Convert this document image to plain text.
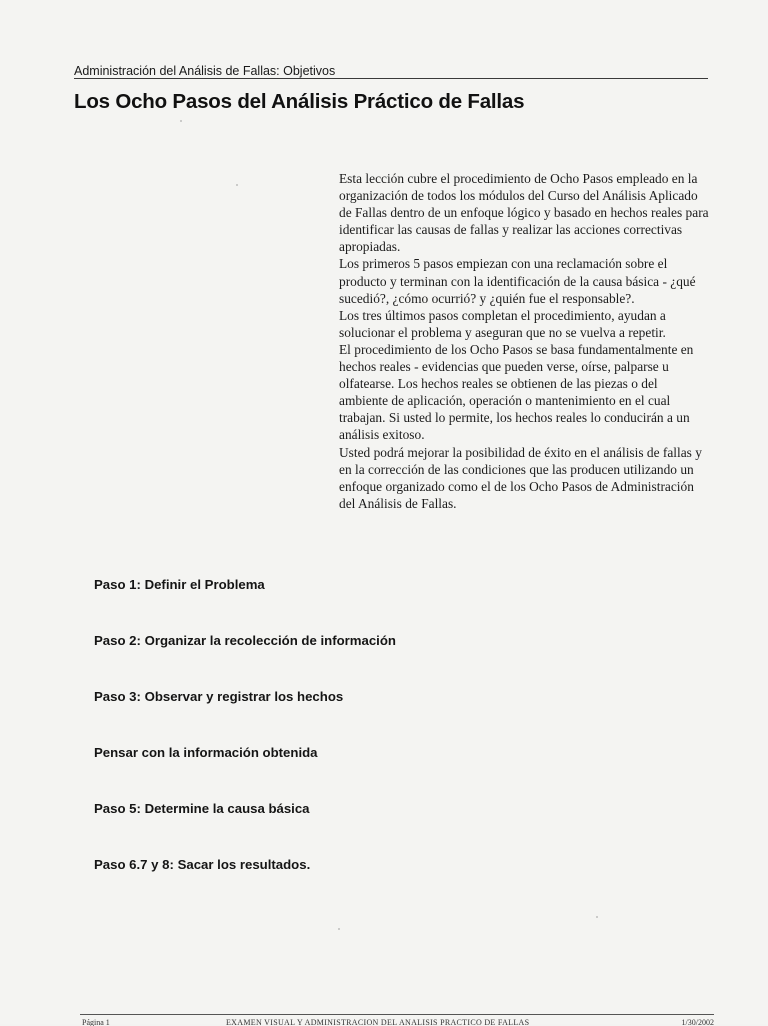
Administración del Análisis de Fallas: Objetivos
Los Ocho Pasos del Análisis Práctico de Fallas

Esta lección cubre el procedimiento de Ocho Pasos empleado en la organización de todos los módulos del Curso del Análisis Aplicado de Fallas dentro de un enfoque lógico y basado en hechos reales para identificar las causas de fallas y realizar las acciones correctivas apropiadas.

Los primeros 5 pasos empiezan con una reclamación sobre el producto y terminan con la identificación de la causa básica - ¿qué sucedió?, ¿cómo ocurrió? y ¿quién fue el responsable?.

Los tres últimos pasos completan el procedimiento, ayudan a solucionar el problema y aseguran que no se vuelva a repetir.

El procedimiento de los Ocho Pasos se basa fundamentalmente en hechos reales - evidencias que pueden verse, oírse, palparse u olfatearse. Los hechos reales se obtienen de las piezas o del ambiente de aplicación, operación o mantenimiento en el cual trabajan. Si usted lo permite, los hechos reales lo conducirán a un análisis exitoso.

Usted podrá mejorar la posibilidad de éxito en el análisis de fallas y en la corrección de las condiciones que las producen utilizando un enfoque organizado como el de los Ocho Pasos de Administración del Análisis de Fallas.

Paso 1: Definir el Problema
Paso 2: Organizar la recolección de información
Paso 3: Observar y registrar los hechos
Pensar con la información obtenida
Paso 5: Determine la causa básica
Paso 6.7 y 8: Sacar los resultados.
Página 1	EXAMEN VISUAL Y ADMINISTRACION DEL ANALISIS PRACTICO DE FALLAS	1/30/2002
